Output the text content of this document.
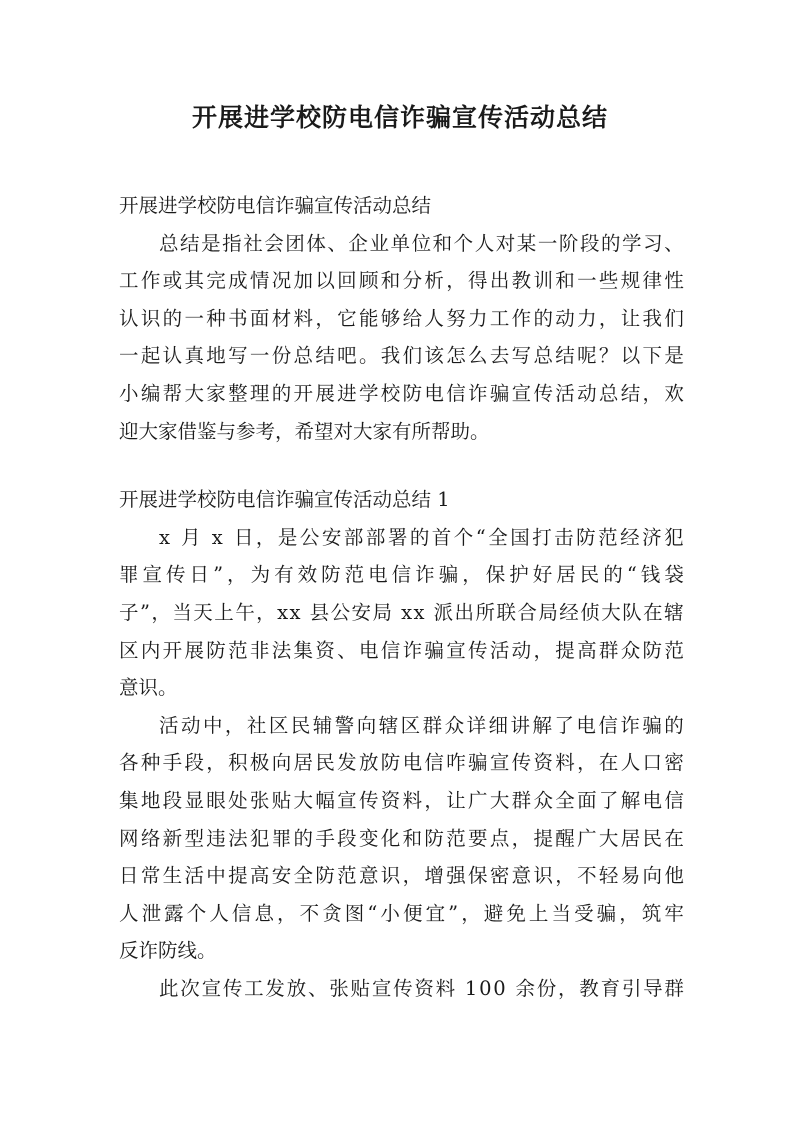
开展进学校防电信诈骗宣传活动总结
开展进学校防电信诈骗宣传活动总结
总 结 是 指 社 会 团 体 、 企 业 单 位 和 个 人 对 某 一 阶 段 的 学 习 、
工 作 或 其 完 成 情 况 加 以 回 顾 和 分 析 ， 得 出 教 训 和 一 些 规 律 性
认 识 的 一 种 书 面 材 料 ， 它 能 够 给 人 努 力 工 作 的 动 力 ， 让 我 们
一 起 认 真 地 写 一 份 总 结 吧 。 我 们 该 怎 么 去 写 总 结 呢 ？ 以 下 是
小 编 帮 大 家 整 理 的 开 展 进 学 校 防 电 信 诈 骗 宣 传 活 动 总 结 ， 欢
迎大家借鉴与参考，希望对大家有所帮助。
开展进学校防电信诈骗宣传活动总结 1
x
月
x
日 ， 是 公 安 部 部 署 的 首 个 “ 全 国 打 击 防 范 经 济 犯
罪 宣 传 日 ” ， 为 有 效 防 范 电 信 诈 骗 ， 保 护 好 居 民 的 “ 钱 袋
子 ” ， 当 天 上 午 ， x x
县 公 安 局
x x
派 出 所 联 合 局 经 侦 大 队 在 辖
区 内 开 展 防 范 非 法 集 资 、 电 信 诈 骗 宣 传 活 动 ， 提 高 群 众 防 范
意识。
活 动 中 ， 社 区 民 辅 警 向 辖 区 群 众 详 细 讲 解 了 电 信 诈 骗 的
各 种 手 段 ， 积 极 向 居 民 发 放 防 电 信 咋 骗 宣 传 资 料 ， 在 人 口 密
集 地 段 显 眼 处 张 贴 大 幅 宣 传 资 料 ， 让 广 大 群 众 全 面 了 解 电 信
网 络 新 型 违 法 犯 罪 的 手 段 变 化 和 防 范 要 点 ， 提 醒 广 大 居 民 在
日 常 生 活 中 提 高 安 全 防 范 意 识 ， 增 强 保 密 意 识 ， 不 轻 易 向 他
人 泄 露 个 人 信 息 ， 不 贪 图 “ 小 便 宜 ” ， 避 免 上 当 受 骗 ， 筑 牢
反诈防线。
此 次 宣 传 工 发 放 、 张 贴 宣 传 资 料
1 0 0
余 份 ， 教 育 引 导 群
